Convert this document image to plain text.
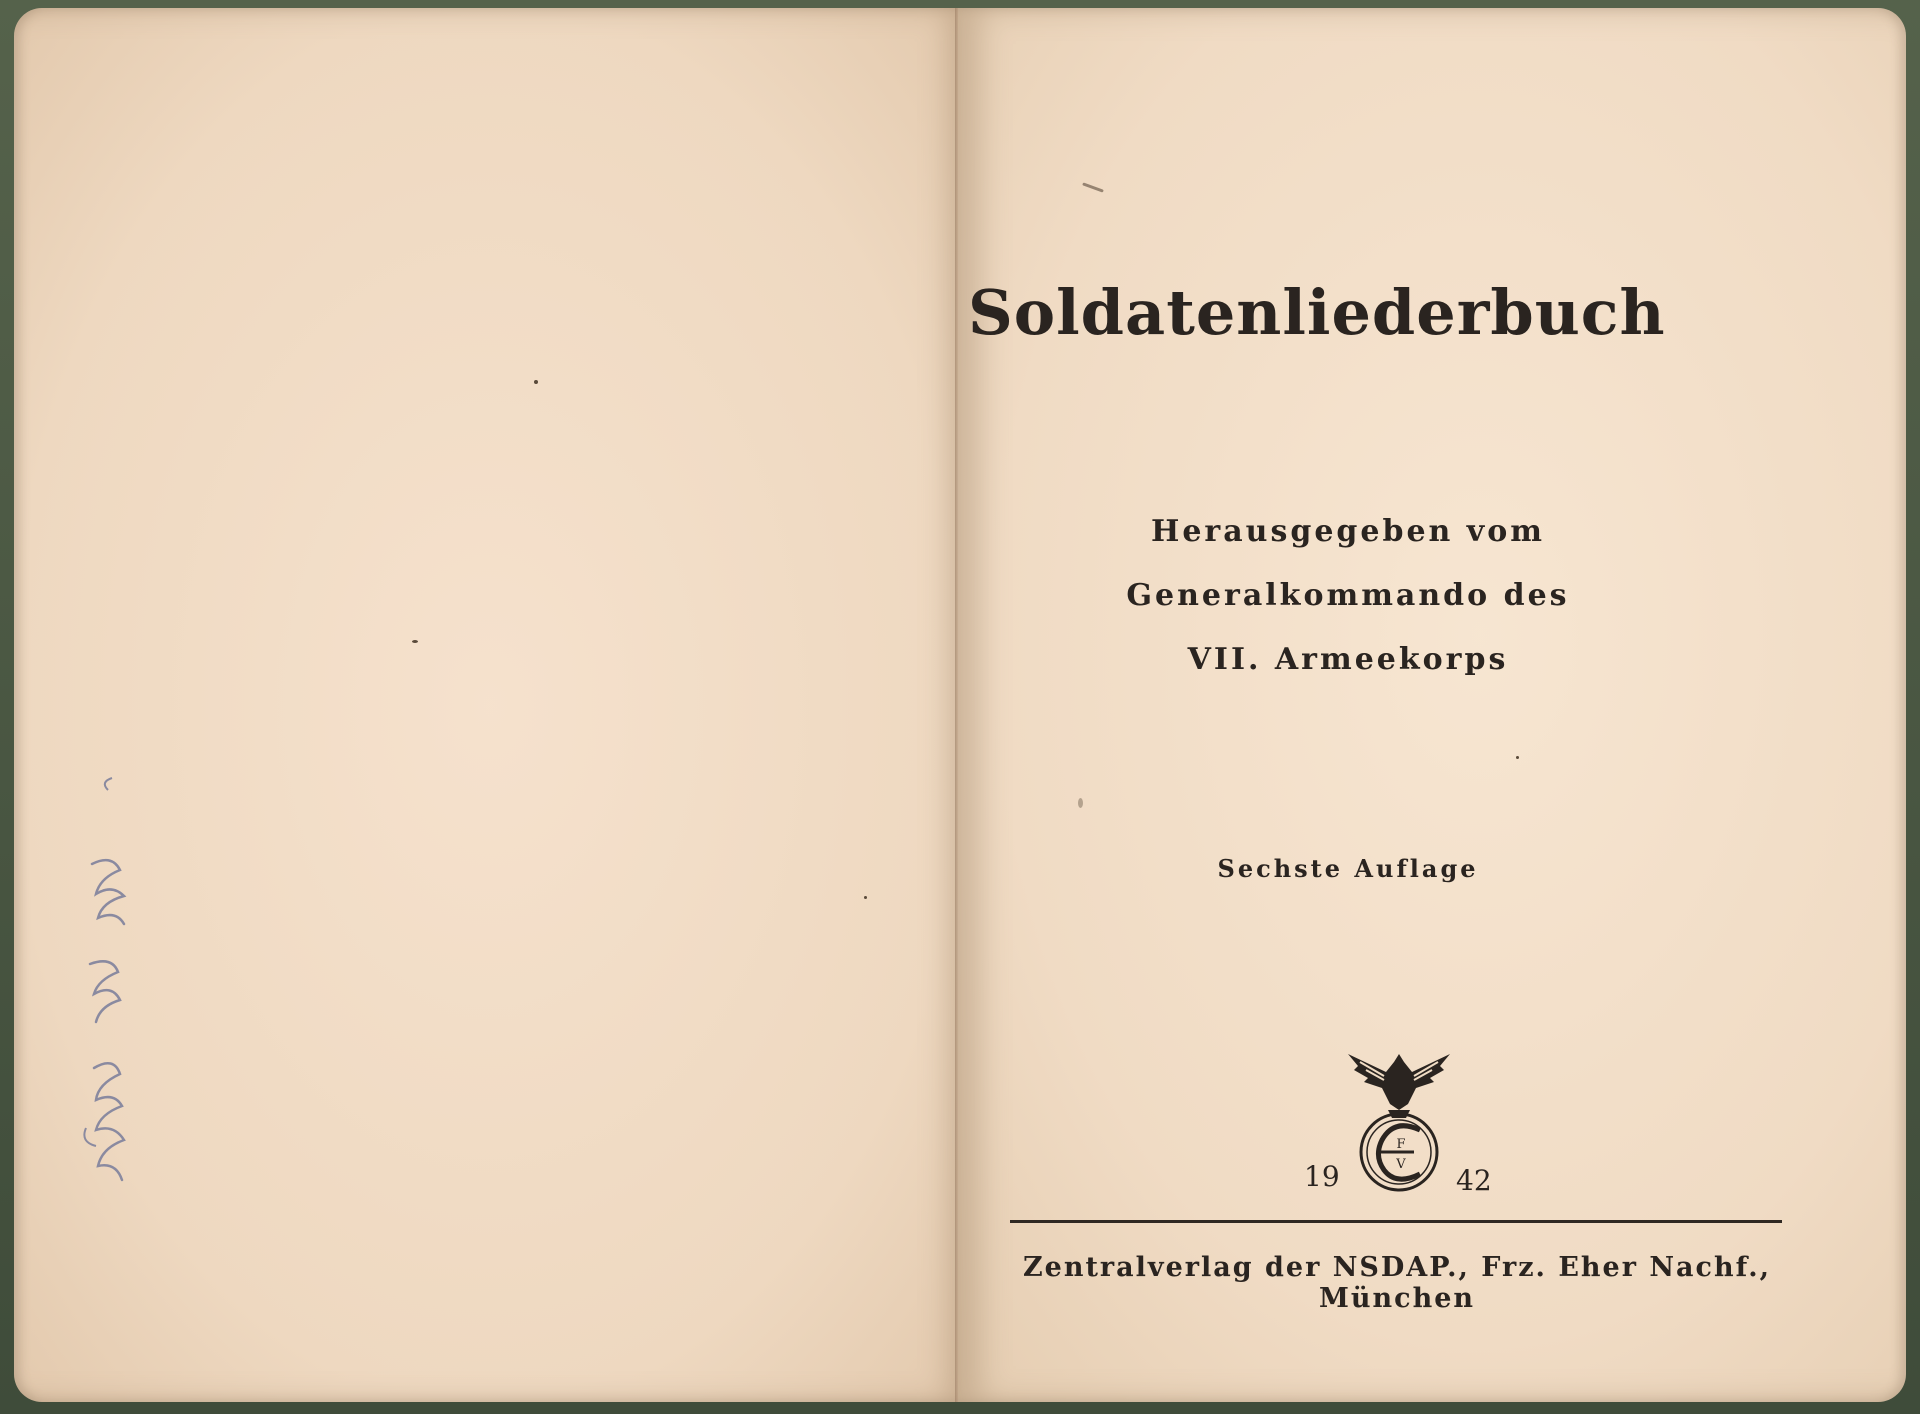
Soldatenliederbuch
Herausgegeben vom
Generalkommando des
VII. Armeekorps
Sechste Auflage
F
V
19	42
Zentralverlag der NSDAP., Frz. Eher Nachf., München
